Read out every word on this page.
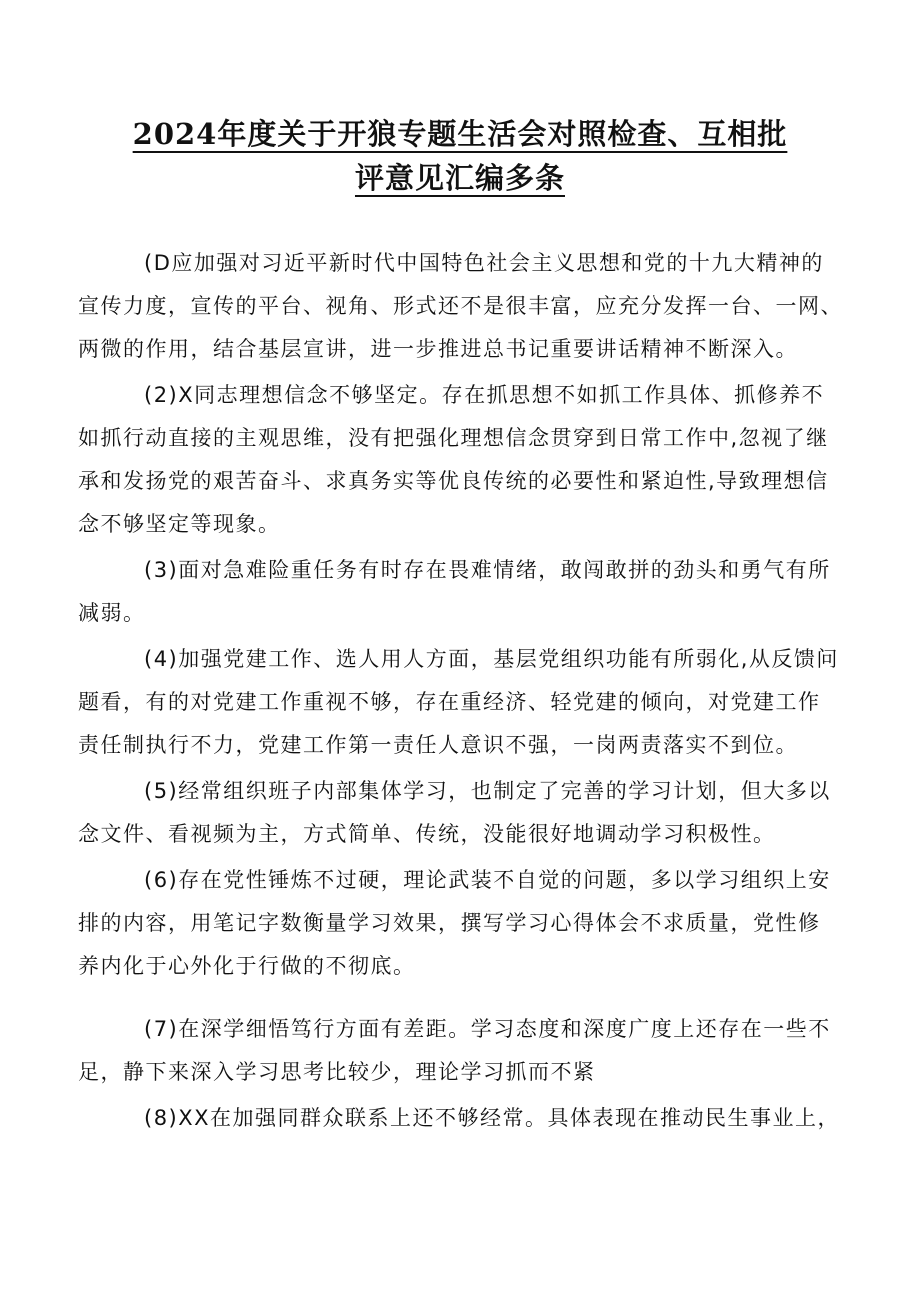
2024年度关于开狼专题生活会对照检查、互相批
评意见汇编多条
(D应加强对习近平新时代中国特色社会主义思想和党的十九大精神的
宣传力度，宣传的平台、视角、形式还不是很丰富，应充分发挥一台、一网、
两微的作用，结合基层宣讲，进一步推进总书记重要讲话精神不断深入。
(2)X同志理想信念不够坚定。存在抓思想不如抓工作具体、抓修养不
如抓行动直接的主观思维，没有把强化理想信念贯穿到日常工作中,忽视了继
承和发扬党的艰苦奋斗、求真务实等优良传统的必要性和紧迫性,导致理想信
念不够坚定等现象。
(3)面对急难险重任务有时存在畏难情绪，敢闯敢拼的劲头和勇气有所
减弱。
(4)加强党建工作、选人用人方面，基层党组织功能有所弱化,从反馈问
题看，有的对党建工作重视不够，存在重经济、轻党建的倾向，对党建工作
责任制执行不力，党建工作第一责任人意识不强，一岗两责落实不到位。
(5)经常组织班子内部集体学习，也制定了完善的学习计划，但大多以
念文件、看视频为主，方式简单、传统，没能很好地调动学习积极性。
(6)存在党性锤炼不过硬，理论武装不自觉的问题，多以学习组织上安
排的内容，用笔记字数衡量学习效果，撰写学习心得体会不求质量，党性修
养内化于心外化于行做的不彻底。
(7)在深学细悟笃行方面有差距。学习态度和深度广度上还存在一些不
足，静下来深入学习思考比较少，理论学习抓而不紧
(8)XX在加强同群众联系上还不够经常。具体表现在推动民生事业上，
